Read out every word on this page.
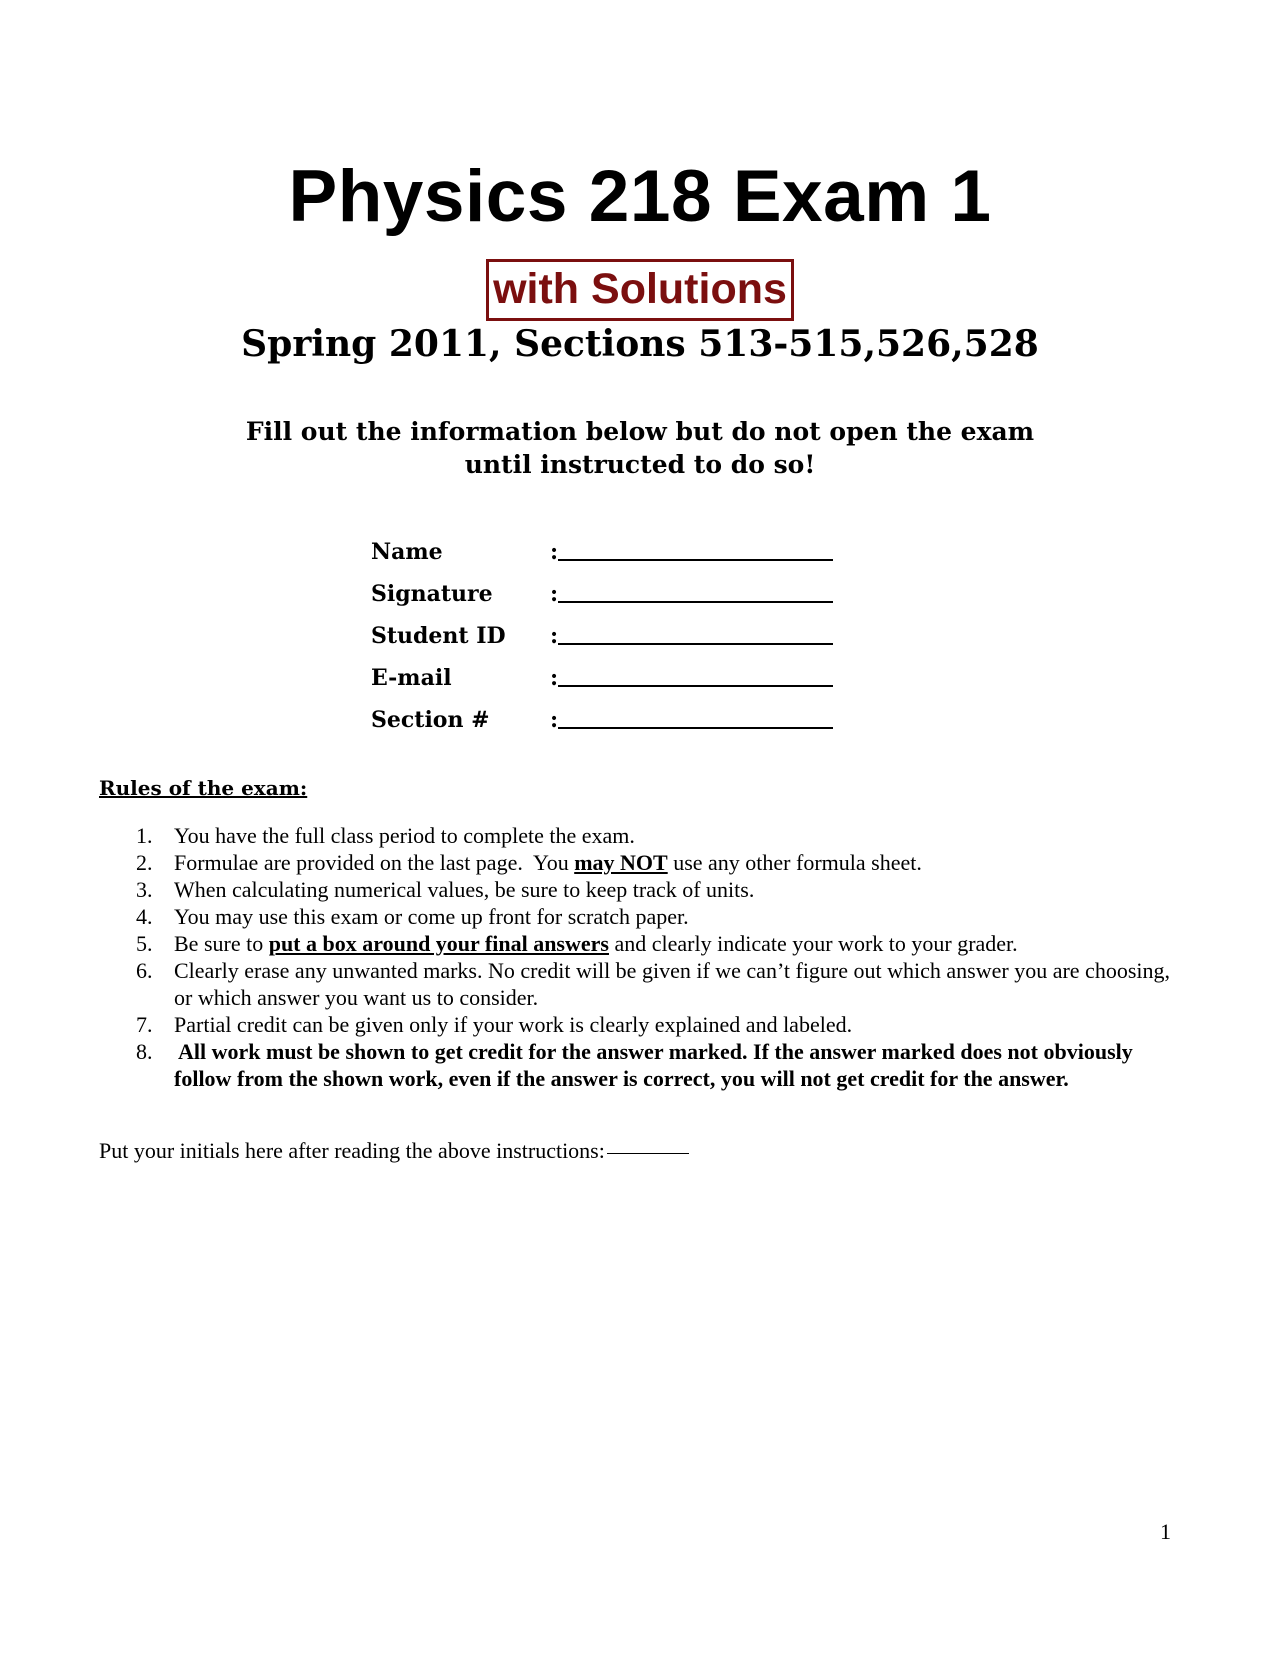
Physics 218 Exam 1
with Solutions
Spring 2011, Sections 513-515,526,528
Fill out the information below but do not open the exam
until instructed to do so!
Name	:
Signature	:
Student ID :
E-mail	:
Section #	:
Rules of the exam:
1. You have the full class period to complete the exam.
2. Formulae are provided on the last page.  You may NOT use any other formula sheet.
3. When calculating numerical values, be sure to keep track of units.
4. You may use this exam or come up front for scratch paper.
5. Be sure to put a box around your final answers and clearly indicate your work to your grader.
6. Clearly erase any unwanted marks. No credit will be given if we can’t figure out which answer you are choosing, or which answer you want us to consider.
7. Partial credit can be given only if your work is clearly explained and labeled.
8.	All work must be shown to get credit for the answer marked. If the answer marked does not obviously follow from the shown work, even if the answer is correct, you will not get credit for the answer.
Put your initials here after reading the above instructions:
1
